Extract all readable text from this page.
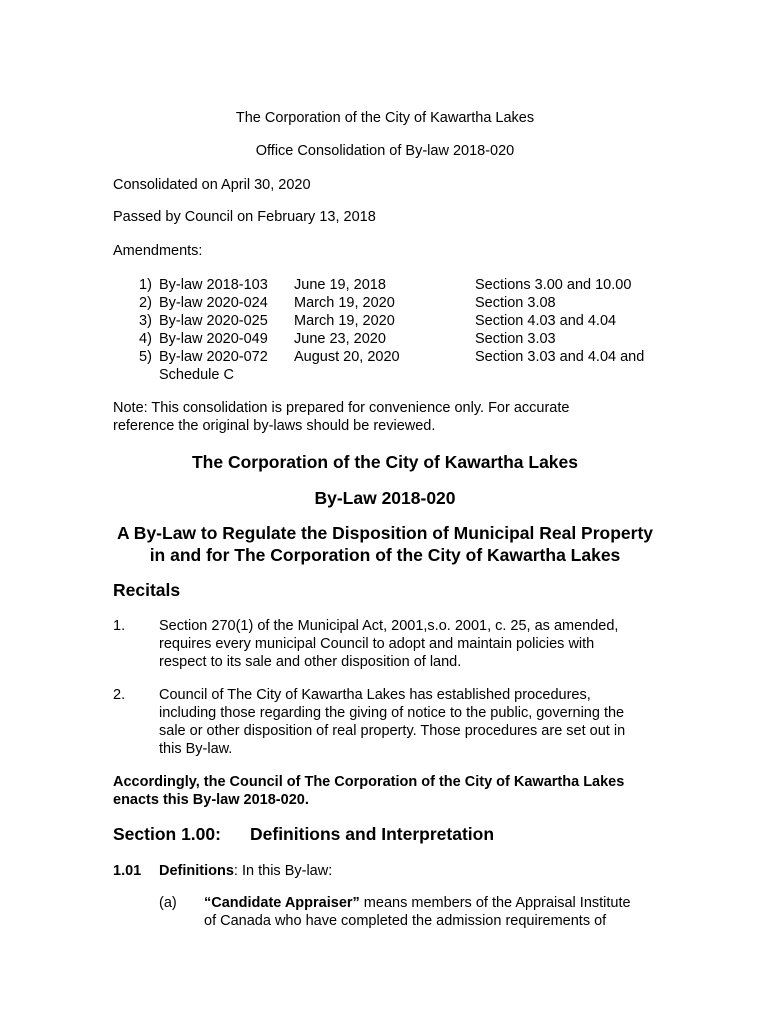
The Corporation of the City of Kawartha Lakes
Office Consolidation of By-law 2018-020
Consolidated on April 30, 2020
Passed by Council on February 13, 2018
Amendments:
1) By-law 2018-103 June 19, 2018	Sections 3.00 and 10.00
2) By-law 2020-024 March 19, 2020	Section 3.08
3) By-law 2020-025 March 19, 2020	Section 4.03 and 4.04
4) By-law 2020-049 June 23, 2020	Section 3.03
5) By-law 2020-072 August 20, 2020	Section 3.03 and 4.04 and
Schedule C
Note: This consolidation is prepared for convenience only. For accurate
reference the original by-laws should be reviewed.
The Corporation of the City of Kawartha Lakes
By-Law 2018-020
A By-Law to Regulate the Disposition of Municipal Real Property
in and for The Corporation of the City of Kawartha Lakes
Recitals
1. Section 270(1) of the Municipal Act, 2001,s.o. 2001, c. 25, as amended,
requires every municipal Council to adopt and maintain policies with
respect to its sale and other disposition of land.
2. Council of The City of Kawartha Lakes has established procedures,
including those regarding the giving of notice to the public, governing the
sale or other disposition of real property. Those procedures are set out in
this By-law.
Accordingly, the Council of The Corporation of the City of Kawartha Lakes
enacts this By-law 2018-020.
Section 1.00: Definitions and Interpretation
1.01 Definitions: In this By-law:
(a) “Candidate Appraiser” means members of the Appraisal Institute
of Canada who have completed the admission requirements of
